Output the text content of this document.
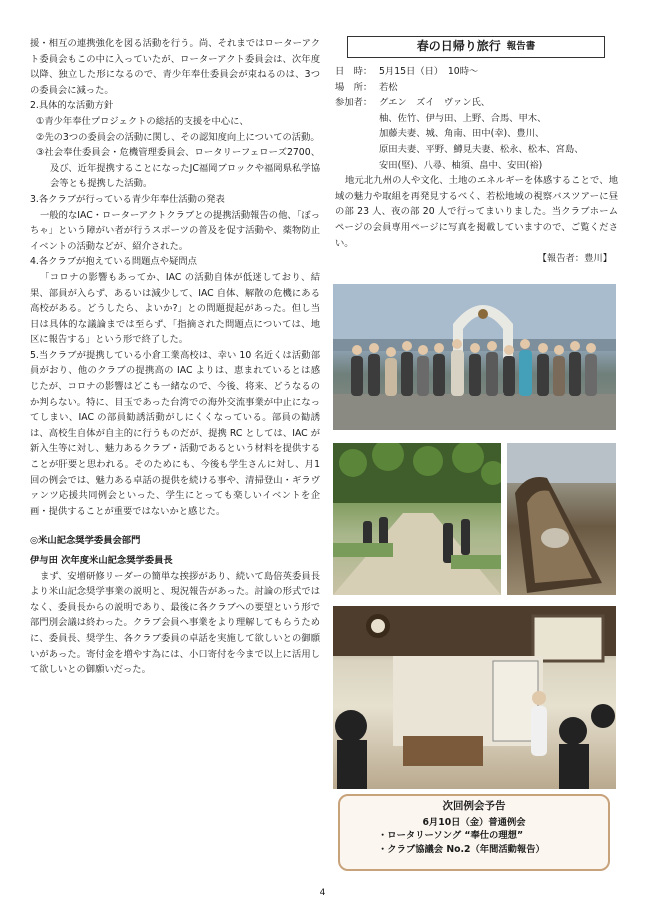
援・相互の連携強化を図る活動を行う。尚、それまではローターアクト委員会もこの中に入っていたが、ローターアクト委員会は、次年度以降、独立した形になるので、青少年奉仕委員会が束ねるのは、3つの委員会に減った。

2.具体的な活動方針

①青少年奉仕プロジェクトの総括的支援を中心に、

②先の3つの委員会の活動に関し、その認知度向上についての活動。

③社会奉仕委員会・危機管理委員会、ロータリーフェローズ2700、及び、近年提携することになったJC福岡ブロックや福岡県私学協会等とも提携した活動。

3.各クラブが行っている青少年奉仕活動の発表

一般的なIAC・ローターアクトクラブとの提携活動報告の他、「ぼっちゃ」という障がい者が行うスポーツの普及を促す活動や、薬物防止イベントの活動などが、紹介された。

4.各クラブが抱えている問題点や疑問点

「コロナの影響もあってか、IAC の活動自体が低迷しており、結果、部員が入らず、あるいは減少して、IAC 自体、解散の危機にある高校がある。どうしたら、よいか?」との問題提起があった。但し当日は具体的な議論までは至らず、「指摘された問題点については、地区に報告する」という形で終了した。

5.当クラブが提携している小倉工業高校は、幸い 10 名近くは活動部員がおり、他のクラブの提携高の IAC よりは、恵まれているとは感じたが、コロナの影響はどこも一緒なので、今後、将来、どうなるのか判らない。特に、目玉であった台湾での海外交流事業が中止になってしまい、IAC の部員勧誘活動がしにくくなっている。部員の勧誘は、高校生自体が自主的に行うものだが、提携 RC としては、IAC が新入生等に対し、魅力あるクラブ・活動であるという材料を提供することが肝要と思われる。そのためにも、今後も学生さんに対し、月1回の例会では、魅力ある卓話の提供を続ける事や、清掃登山・ギラヴァンツ応援共同例会といった、学生にとっても楽しいイベントを企画・提供することが重要ではないかと感じた。

◎米山記念奨学委員会部門

伊与田 次年度米山記念奨学委員長

まず、安增研修リーダーの簡単な挨拶があり、続いて島倍英委員長より米山記念奨学事業の説明と、現況報告があった。討論の形式ではなく、委員長からの説明であり、最後に各クラブへの要望という形で部門別会議は終わった。クラブ会員へ事業をより理解してもらうために、委員長、奨学生、各クラブ委員の卓話を実施して欲しいとの御願いがあった。寄付金を増やす為には、小口寄付を今まで以上に活用して欲しいとの御願いだった。

春の日帰り旅行 報告書
日　時： 5月15日（日）　10時～
場　所： 若松
参加者： グエン　ズイ　ヴァン氏、
柚、佐竹、伊与田、上野、合馬、甲木、
加藤夫妻、城、角南、田中(幸)、豊川、
原田夫妻、平野、鱒見夫妻、松永、松本、宮島、
安田(堅)、八尋、柚須、畠中、安田(裕)

地元北九州の人や文化、土地のエネルギーを体感することで、地域の魅力や取組を再発見するべく、若松地域の視察バスツアーに昼の部 23 人、夜の部 20 人で行ってまいりました。当クラブホームページの会員専用ページに写真を掲載していますので、ご覧ください。

【報告者：豊川】

次回例会予告
6月10日（金）普通例会
・ロータリーソング “奉仕の理想”
・クラブ協議会 No.2（年間活動報告）
4
